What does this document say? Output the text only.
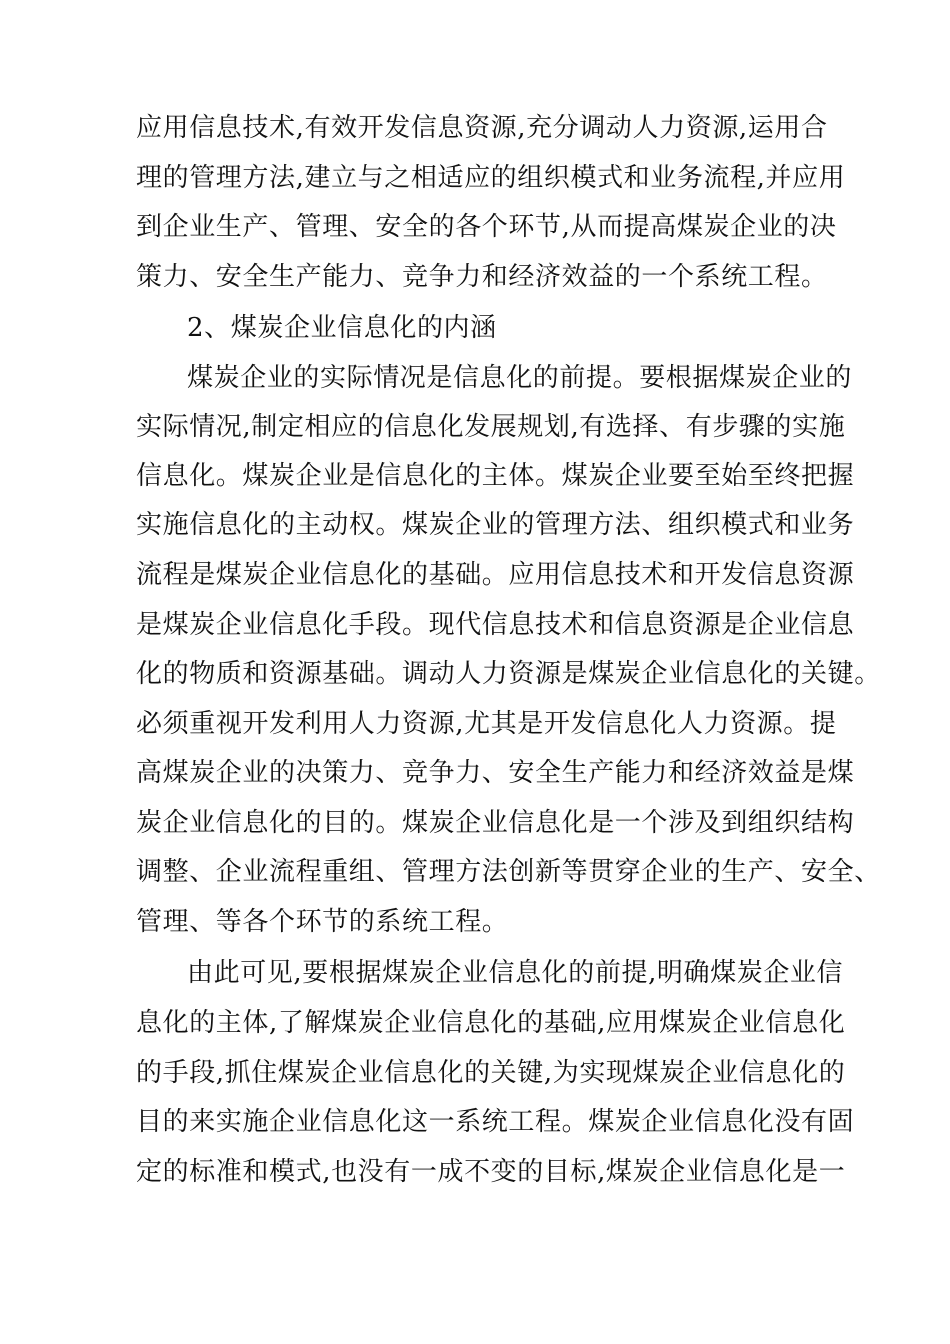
应用信息技术,有效开发信息资源,充分调动人力资源,运用合
理的管理方法,建立与之相适应的组织模式和业务流程,并应用
到企业生产、管理、安全的各个环节,从而提高煤炭企业的决
策力、安全生产能力、竞争力和经济效益的一个系统工程。
2、煤炭企业信息化的内涵
煤炭企业的实际情况是信息化的前提。要根据煤炭企业的
实际情况,制定相应的信息化发展规划,有选择、有步骤的实施
信息化。煤炭企业是信息化的主体。煤炭企业要至始至终把握
实施信息化的主动权。煤炭企业的管理方法、组织模式和业务
流程是煤炭企业信息化的基础。应用信息技术和开发信息资源
是煤炭企业信息化手段。现代信息技术和信息资源是企业信息
化的物质和资源基础。调动人力资源是煤炭企业信息化的关键。
必须重视开发利用人力资源,尤其是开发信息化人力资源。提
高煤炭企业的决策力、竞争力、安全生产能力和经济效益是煤
炭企业信息化的目的。煤炭企业信息化是一个涉及到组织结构
调整、企业流程重组、管理方法创新等贯穿企业的生产、安全、
管理、等各个环节的系统工程。
由此可见,要根据煤炭企业信息化的前提,明确煤炭企业信
息化的主体,了解煤炭企业信息化的基础,应用煤炭企业信息化
的手段,抓住煤炭企业信息化的关键,为实现煤炭企业信息化的
目的来实施企业信息化这一系统工程。煤炭企业信息化没有固
定的标准和模式,也没有一成不变的目标,煤炭企业信息化是一
